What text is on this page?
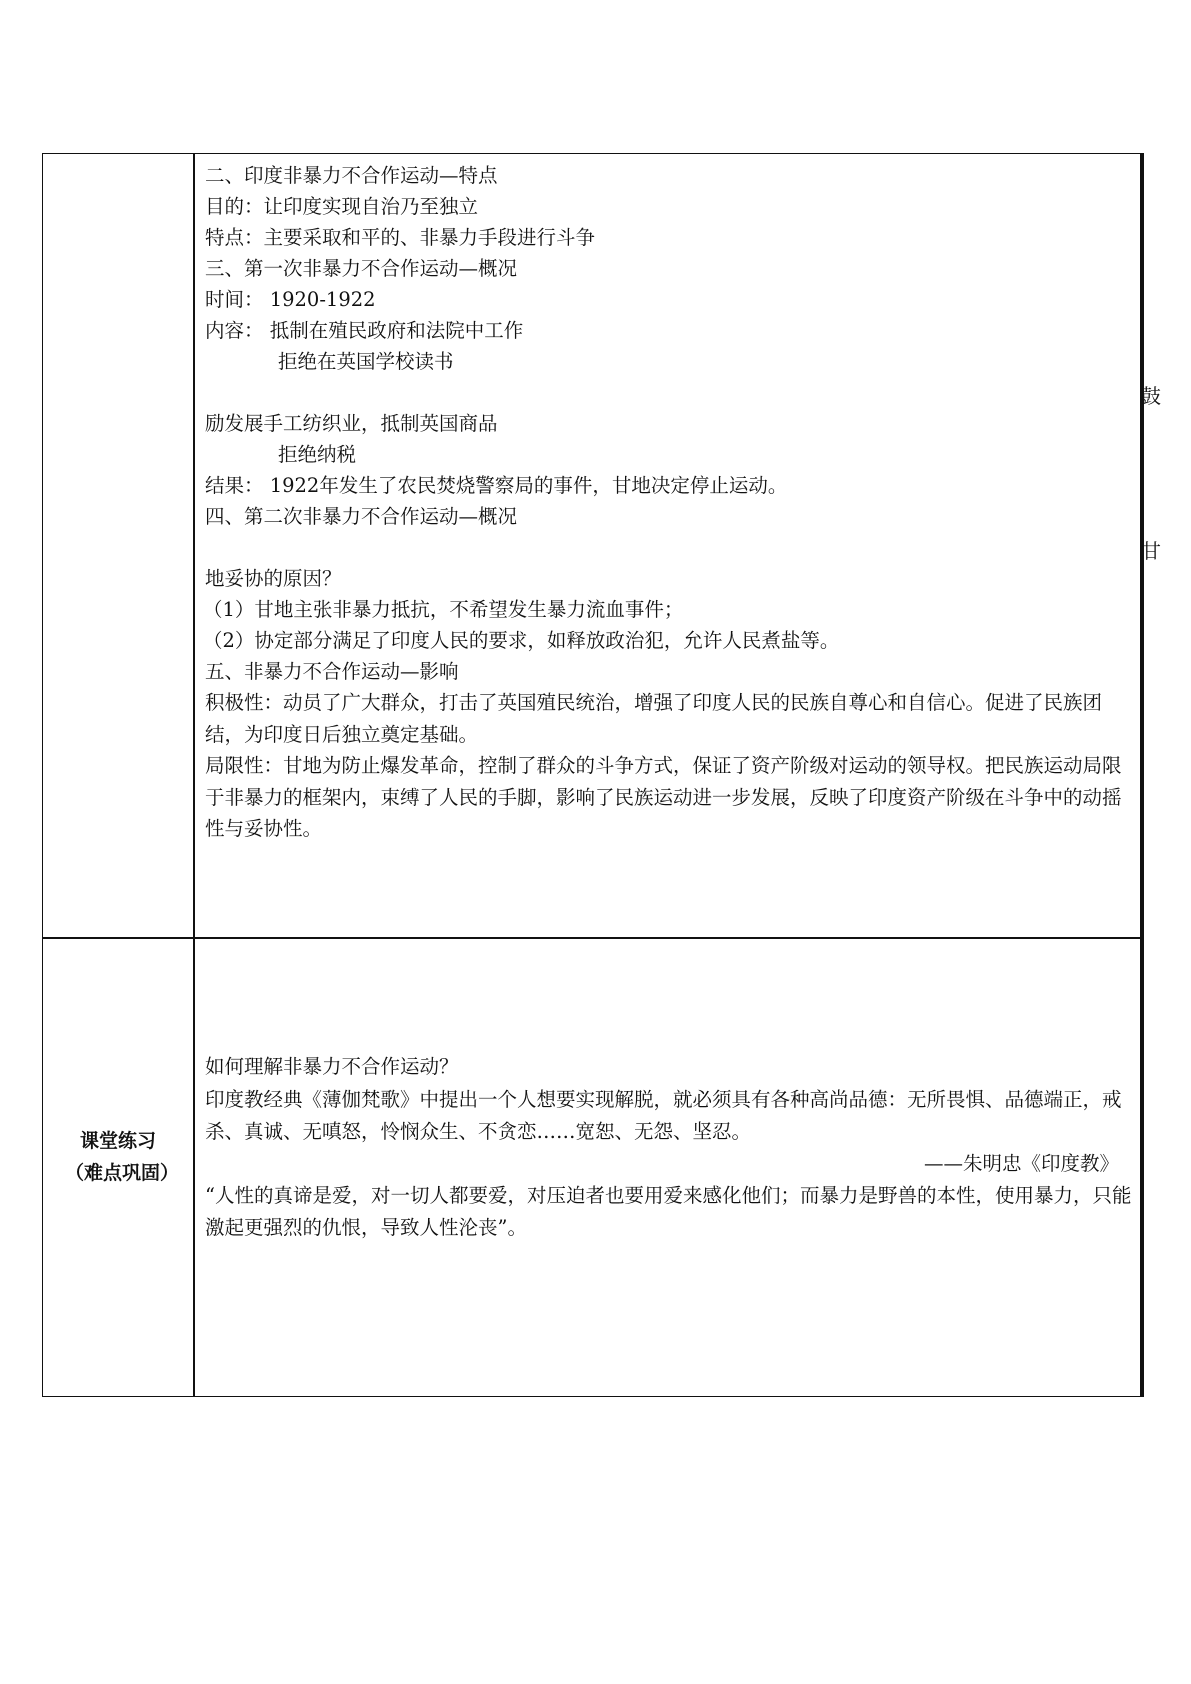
二、印度非暴力不合作运动—特点
目的：让印度实现自治乃至独立
特点：主要采取和平的、非暴力手段进行斗争
三、第一次非暴力不合作运动—概况
时间： 1920-1922
内容： 抵制在殖民政府和法院中工作
拒绝在英国学校读书
鼓
励发展手工纺织业，抵制英国商品
拒绝纳税
结果： 1922年发生了农民焚烧警察局的事件，甘地决定停止运动。
四、第二次非暴力不合作运动—概况
甘
地妥协的原因？
（1）甘地主张非暴力抵抗，不希望发生暴力流血事件；
（2）协定部分满足了印度人民的要求，如释放政治犯，允许人民煮盐等。
五、非暴力不合作运动—影响
积极性：动员了广大群众，打击了英国殖民统治，增强了印度人民的民族自尊心和自信心。促进了民族团结，为印度日后独立奠定基础。
局限性：甘地为防止爆发革命，控制了群众的斗争方式，保证了资产阶级对运动的领导权。把民族运动局限于非暴力的框架内，束缚了人民的手脚，影响了民族运动进一步发展，反映了印度资产阶级在斗争中的动摇性与妥协性。
课堂练习
（难点巩固）
如何理解非暴力不合作运动？
印度教经典《薄伽梵歌》中提出一个人想要实现解脱，就必须具有各种高尚品德：无所畏惧、品德端正，戒杀、真诚、无嗔怒，怜悯众生、不贪恋……宽恕、无怨、坚忍。
——朱明忠《印度教》
“人性的真谛是爱，对一切人都要爱，对压迫者也要用爱来感化他们；而暴力是野兽的本性，使用暴力，只能激起更强烈的仇恨，导致人性沦丧”。
